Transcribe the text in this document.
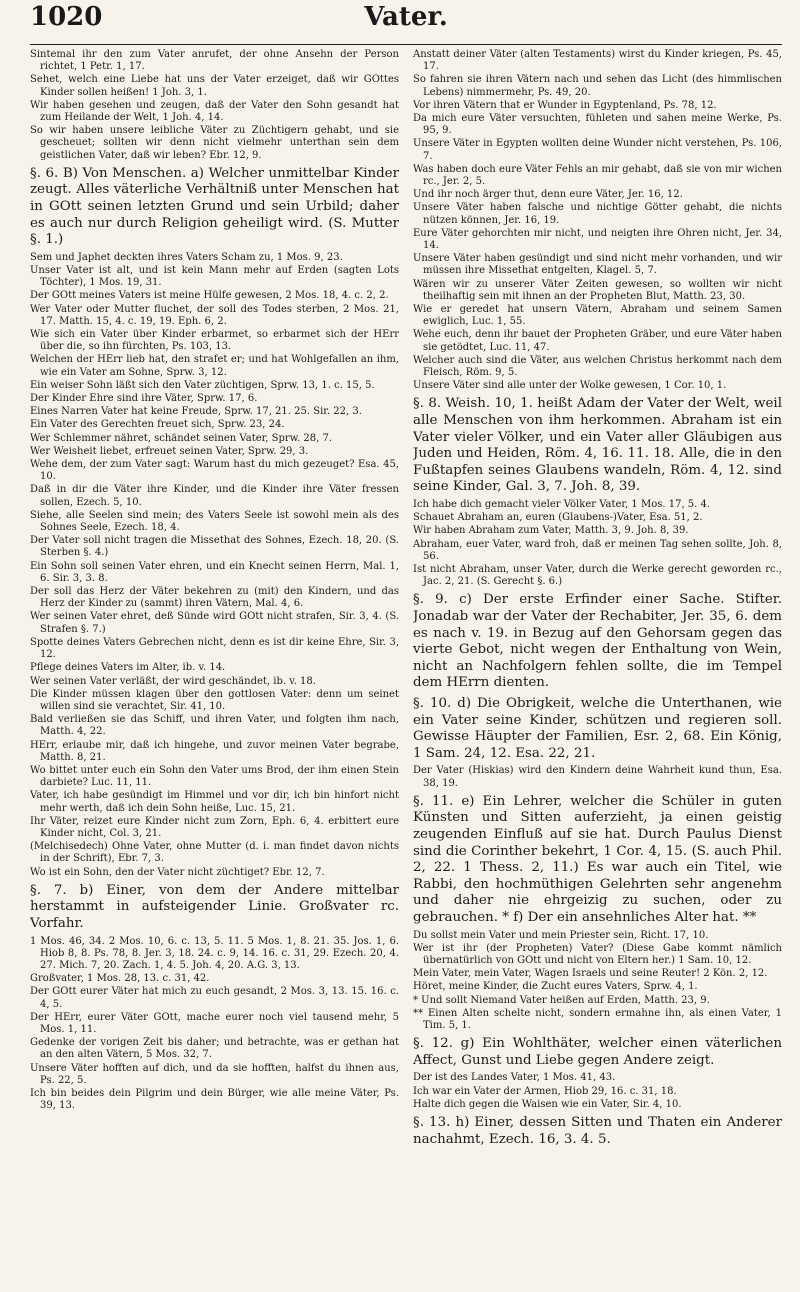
1020	Vater.

Sintemal ihr den zum Vater anrufet, der ohne Ansehn der Person richtet, 1 Petr. 1, 17.

Sehet, welch eine Liebe hat uns der Vater erzeiget, daß wir GOttes Kinder sollen heißen! 1 Joh. 3, 1.

Wir haben gesehen und zeugen, daß der Vater den Sohn gesandt hat zum Heilande der Welt, 1 Joh. 4, 14.

So wir haben unsere leibliche Väter zu Züchtigern gehabt, und sie gescheuet; sollten wir denn nicht vielmehr unterthan sein dem geistlichen Vater, daß wir leben? Ebr. 12, 9.

§. 6. B) Von Menschen. a) Welcher unmittelbar Kinder zeugt. Alles väterliche Verhältniß unter Menschen hat in GOtt seinen letzten Grund und sein Urbild; daher es auch nur durch Religion geheiligt wird. (S. Mutter §. 1.)

Sem und Japhet deckten ihres Vaters Scham zu, 1 Mos. 9, 23.

Unser Vater ist alt, und ist kein Mann mehr auf Erden (sagten Lots Töchter), 1 Mos. 19, 31.

Der GOtt meines Vaters ist meine Hülfe gewesen, 2 Mos. 18, 4. c. 2, 2.

Wer Vater oder Mutter fluchet, der soll des Todes sterben, 2 Mos. 21, 17. Matth. 15, 4. c. 19, 19. Eph. 6, 2.

Wie sich ein Vater über Kinder erbarmet, so erbarmet sich der HErr über die, so ihn fürchten, Ps. 103, 13.

Welchen der HErr lieb hat, den strafet er; und hat Wohlgefallen an ihm, wie ein Vater am Sohne, Sprw. 3, 12.

Ein weiser Sohn läßt sich den Vater züchtigen, Sprw. 13, 1. c. 15, 5.

Der Kinder Ehre sind ihre Väter, Sprw. 17, 6.

Eines Narren Vater hat keine Freude, Sprw. 17, 21. 25. Sir. 22, 3.

Ein Vater des Gerechten freuet sich, Sprw. 23, 24.

Wer Schlemmer nähret, schändet seinen Vater, Sprw. 28, 7.

Wer Weisheit liebet, erfreuet seinen Vater, Sprw. 29, 3.

Wehe dem, der zum Vater sagt: Warum hast du mich gezeuget? Esa. 45, 10.

Daß in dir die Väter ihre Kinder, und die Kinder ihre Väter fressen sollen, Ezech. 5, 10.

Siehe, alle Seelen sind mein; des Vaters Seele ist sowohl mein als des Sohnes Seele, Ezech. 18, 4.

Der Vater soll nicht tragen die Missethat des Sohnes, Ezech. 18, 20. (S. Sterben §. 4.)

Ein Sohn soll seinen Vater ehren, und ein Knecht seinen Herrn, Mal. 1, 6. Sir. 3, 3. 8.

Der soll das Herz der Väter bekehren zu (mit) den Kindern, und das Herz der Kinder zu (sammt) ihren Vätern, Mal. 4, 6.

Wer seinen Vater ehret, deß Sünde wird GOtt nicht strafen, Sir. 3, 4. (S. Strafen §. 7.)

Spotte deines Vaters Gebrechen nicht, denn es ist dir keine Ehre, Sir. 3, 12.

Pflege deines Vaters im Alter, ib. v. 14.

Wer seinen Vater verläßt, der wird geschändet, ib. v. 18.

Die Kinder müssen klagen über den gottlosen Vater: denn um seinet willen sind sie verachtet, Sir. 41, 10.

Bald verließen sie das Schiff, und ihren Vater, und folgten ihm nach, Matth. 4, 22.

HErr, erlaube mir, daß ich hingehe, und zuvor meinen Vater begrabe, Matth. 8, 21.

Wo bittet unter euch ein Sohn den Vater ums Brod, der ihm einen Stein darbiete? Luc. 11, 11.

Vater, ich habe gesündigt im Himmel und vor dir, ich bin hinfort nicht mehr werth, daß ich dein Sohn heiße, Luc. 15, 21.

Ihr Väter, reizet eure Kinder nicht zum Zorn, Eph. 6, 4. erbittert eure Kinder nicht, Col. 3, 21.

(Melchisedech) Ohne Vater, ohne Mutter (d. i. man findet davon nichts in der Schrift), Ebr. 7, 3.

Wo ist ein Sohn, den der Vater nicht züchtiget? Ebr. 12, 7.

§. 7. b) Einer, von dem der Andere mittelbar herstammt in aufsteigender Linie. Großvater rc. Vorfahr.

1 Mos. 46, 34. 2 Mos. 10, 6. c. 13, 5. 11. 5 Mos. 1, 8. 21. 35. Jos. 1, 6. Hiob 8, 8. Ps. 78, 8. Jer. 3, 18. 24. c. 9, 14. 16. c. 31, 29. Ezech. 20, 4. 27. Mich. 7, 20. Zach. 1, 4. 5. Joh. 4, 20. A.G. 3, 13.

Großvater, 1 Mos. 28, 13. c. 31, 42.

Der GOtt eurer Väter hat mich zu euch gesandt, 2 Mos. 3, 13. 15. 16. c. 4, 5.

Der HErr, eurer Väter GOtt, mache eurer noch viel tausend mehr, 5 Mos. 1, 11.

Gedenke der vorigen Zeit bis daher; und betrachte, was er gethan hat an den alten Vätern, 5 Mos. 32, 7.

Unsere Väter hofften auf dich, und da sie hofften, halfst du ihnen aus, Ps. 22, 5.

Ich bin beides dein Pilgrim und dein Bürger, wie alle meine Väter, Ps. 39, 13.

Anstatt deiner Väter (alten Testaments) wirst du Kinder kriegen, Ps. 45, 17.

So fahren sie ihren Vätern nach und sehen das Licht (des himmlischen Lebens) nimmermehr, Ps. 49, 20.

Vor ihren Vätern that er Wunder in Egyptenland, Ps. 78, 12.

Da mich eure Väter versuchten, fühleten und sahen meine Werke, Ps. 95, 9.

Unsere Väter in Egypten wollten deine Wunder nicht verstehen, Ps. 106, 7.

Was haben doch eure Väter Fehls an mir gehabt, daß sie von mir wichen rc., Jer. 2, 5.

Und ihr noch ärger thut, denn eure Väter, Jer. 16, 12.

Unsere Väter haben falsche und nichtige Götter gehabt, die nichts nützen können, Jer. 16, 19.

Eure Väter gehorchten mir nicht, und neigten ihre Ohren nicht, Jer. 34, 14.

Unsere Väter haben gesündigt und sind nicht mehr vorhanden, und wir müssen ihre Missethat entgelten, Klagel. 5, 7.

Wären wir zu unserer Väter Zeiten gewesen, so wollten wir nicht theilhaftig sein mit ihnen an der Propheten Blut, Matth. 23, 30.

Wie er geredet hat unsern Vätern, Abraham und seinem Samen ewiglich, Luc. 1, 55.

Wehe euch, denn ihr bauet der Propheten Gräber, und eure Väter haben sie getödtet, Luc. 11, 47.

Welcher auch sind die Väter, aus welchen Christus herkommt nach dem Fleisch, Röm. 9, 5.

Unsere Väter sind alle unter der Wolke gewesen, 1 Cor. 10, 1.

§. 8. Weish. 10, 1. heißt Adam der Vater der Welt, weil alle Menschen von ihm herkommen. Abraham ist ein Vater vieler Völker, und ein Vater aller Gläubigen aus Juden und Heiden, Röm. 4, 16. 11. 18. Alle, die in den Fußtapfen seines Glaubens wandeln, Röm. 4, 12. sind seine Kinder, Gal. 3, 7. Joh. 8, 39.

Ich habe dich gemacht vieler Völker Vater, 1 Mos. 17, 5. 4.

Schauet Abraham an, euren (Glaubens-)Vater, Esa. 51, 2.

Wir haben Abraham zum Vater, Matth. 3, 9. Joh. 8, 39.

Abraham, euer Vater, ward froh, daß er meinen Tag sehen sollte, Joh. 8, 56.

Ist nicht Abraham, unser Vater, durch die Werke gerecht geworden rc., Jac. 2, 21. (S. Gerecht §. 6.)

§. 9. c) Der erste Erfinder einer Sache. Stifter. Jonadab war der Vater der Rechabiter, Jer. 35, 6. dem es nach v. 19. in Bezug auf den Gehorsam gegen das vierte Gebot, nicht wegen der Enthaltung von Wein, nicht an Nachfolgern fehlen sollte, die im Tempel dem HErrn dienten.
§. 10. d) Die Obrigkeit, welche die Unterthanen, wie ein Vater seine Kinder, schützen und regieren soll. Gewisse Häupter der Familien, Esr. 2, 68. Ein König, 1 Sam. 24, 12. Esa. 22, 21.

Der Vater (Hiskias) wird den Kindern deine Wahrheit kund thun, Esa. 38, 19.

§. 11. e) Ein Lehrer, welcher die Schüler in guten Künsten und Sitten auferzieht, ja einen geistig zeugenden Einfluß auf sie hat. Durch Paulus Dienst sind die Corinther bekehrt, 1 Cor. 4, 15. (S. auch Phil. 2, 22. 1 Thess. 2, 11.) Es war auch ein Titel, wie Rabbi, den hochmüthigen Gelehrten sehr angenehm und daher nie ehrgeizig zu suchen, oder zu gebrauchen. * f) Der ein ansehnliches Alter hat. **

Du sollst mein Vater und mein Priester sein, Richt. 17, 10.

Wer ist ihr (der Propheten) Vater? (Diese Gabe kommt nämlich übernatürlich von GOtt und nicht von Eltern her.) 1 Sam. 10, 12.

Mein Vater, mein Vater, Wagen Israels und seine Reuter! 2 Kön. 2, 12.

Höret, meine Kinder, die Zucht eures Vaters, Sprw. 4, 1.

* Und sollt Niemand Vater heißen auf Erden, Matth. 23, 9.

** Einen Alten schelte nicht, sondern ermahne ihn, als einen Vater, 1 Tim. 5, 1.

§. 12. g) Ein Wohlthäter, welcher einen väterlichen Affect, Gunst und Liebe gegen Andere zeigt.

Der ist des Landes Vater, 1 Mos. 41, 43.

Ich war ein Vater der Armen, Hiob 29, 16. c. 31, 18.

Halte dich gegen die Waisen wie ein Vater, Sir. 4, 10.

§. 13. h) Einer, dessen Sitten und Thaten ein Anderer nachahmt, Ezech. 16, 3. 4. 5.
